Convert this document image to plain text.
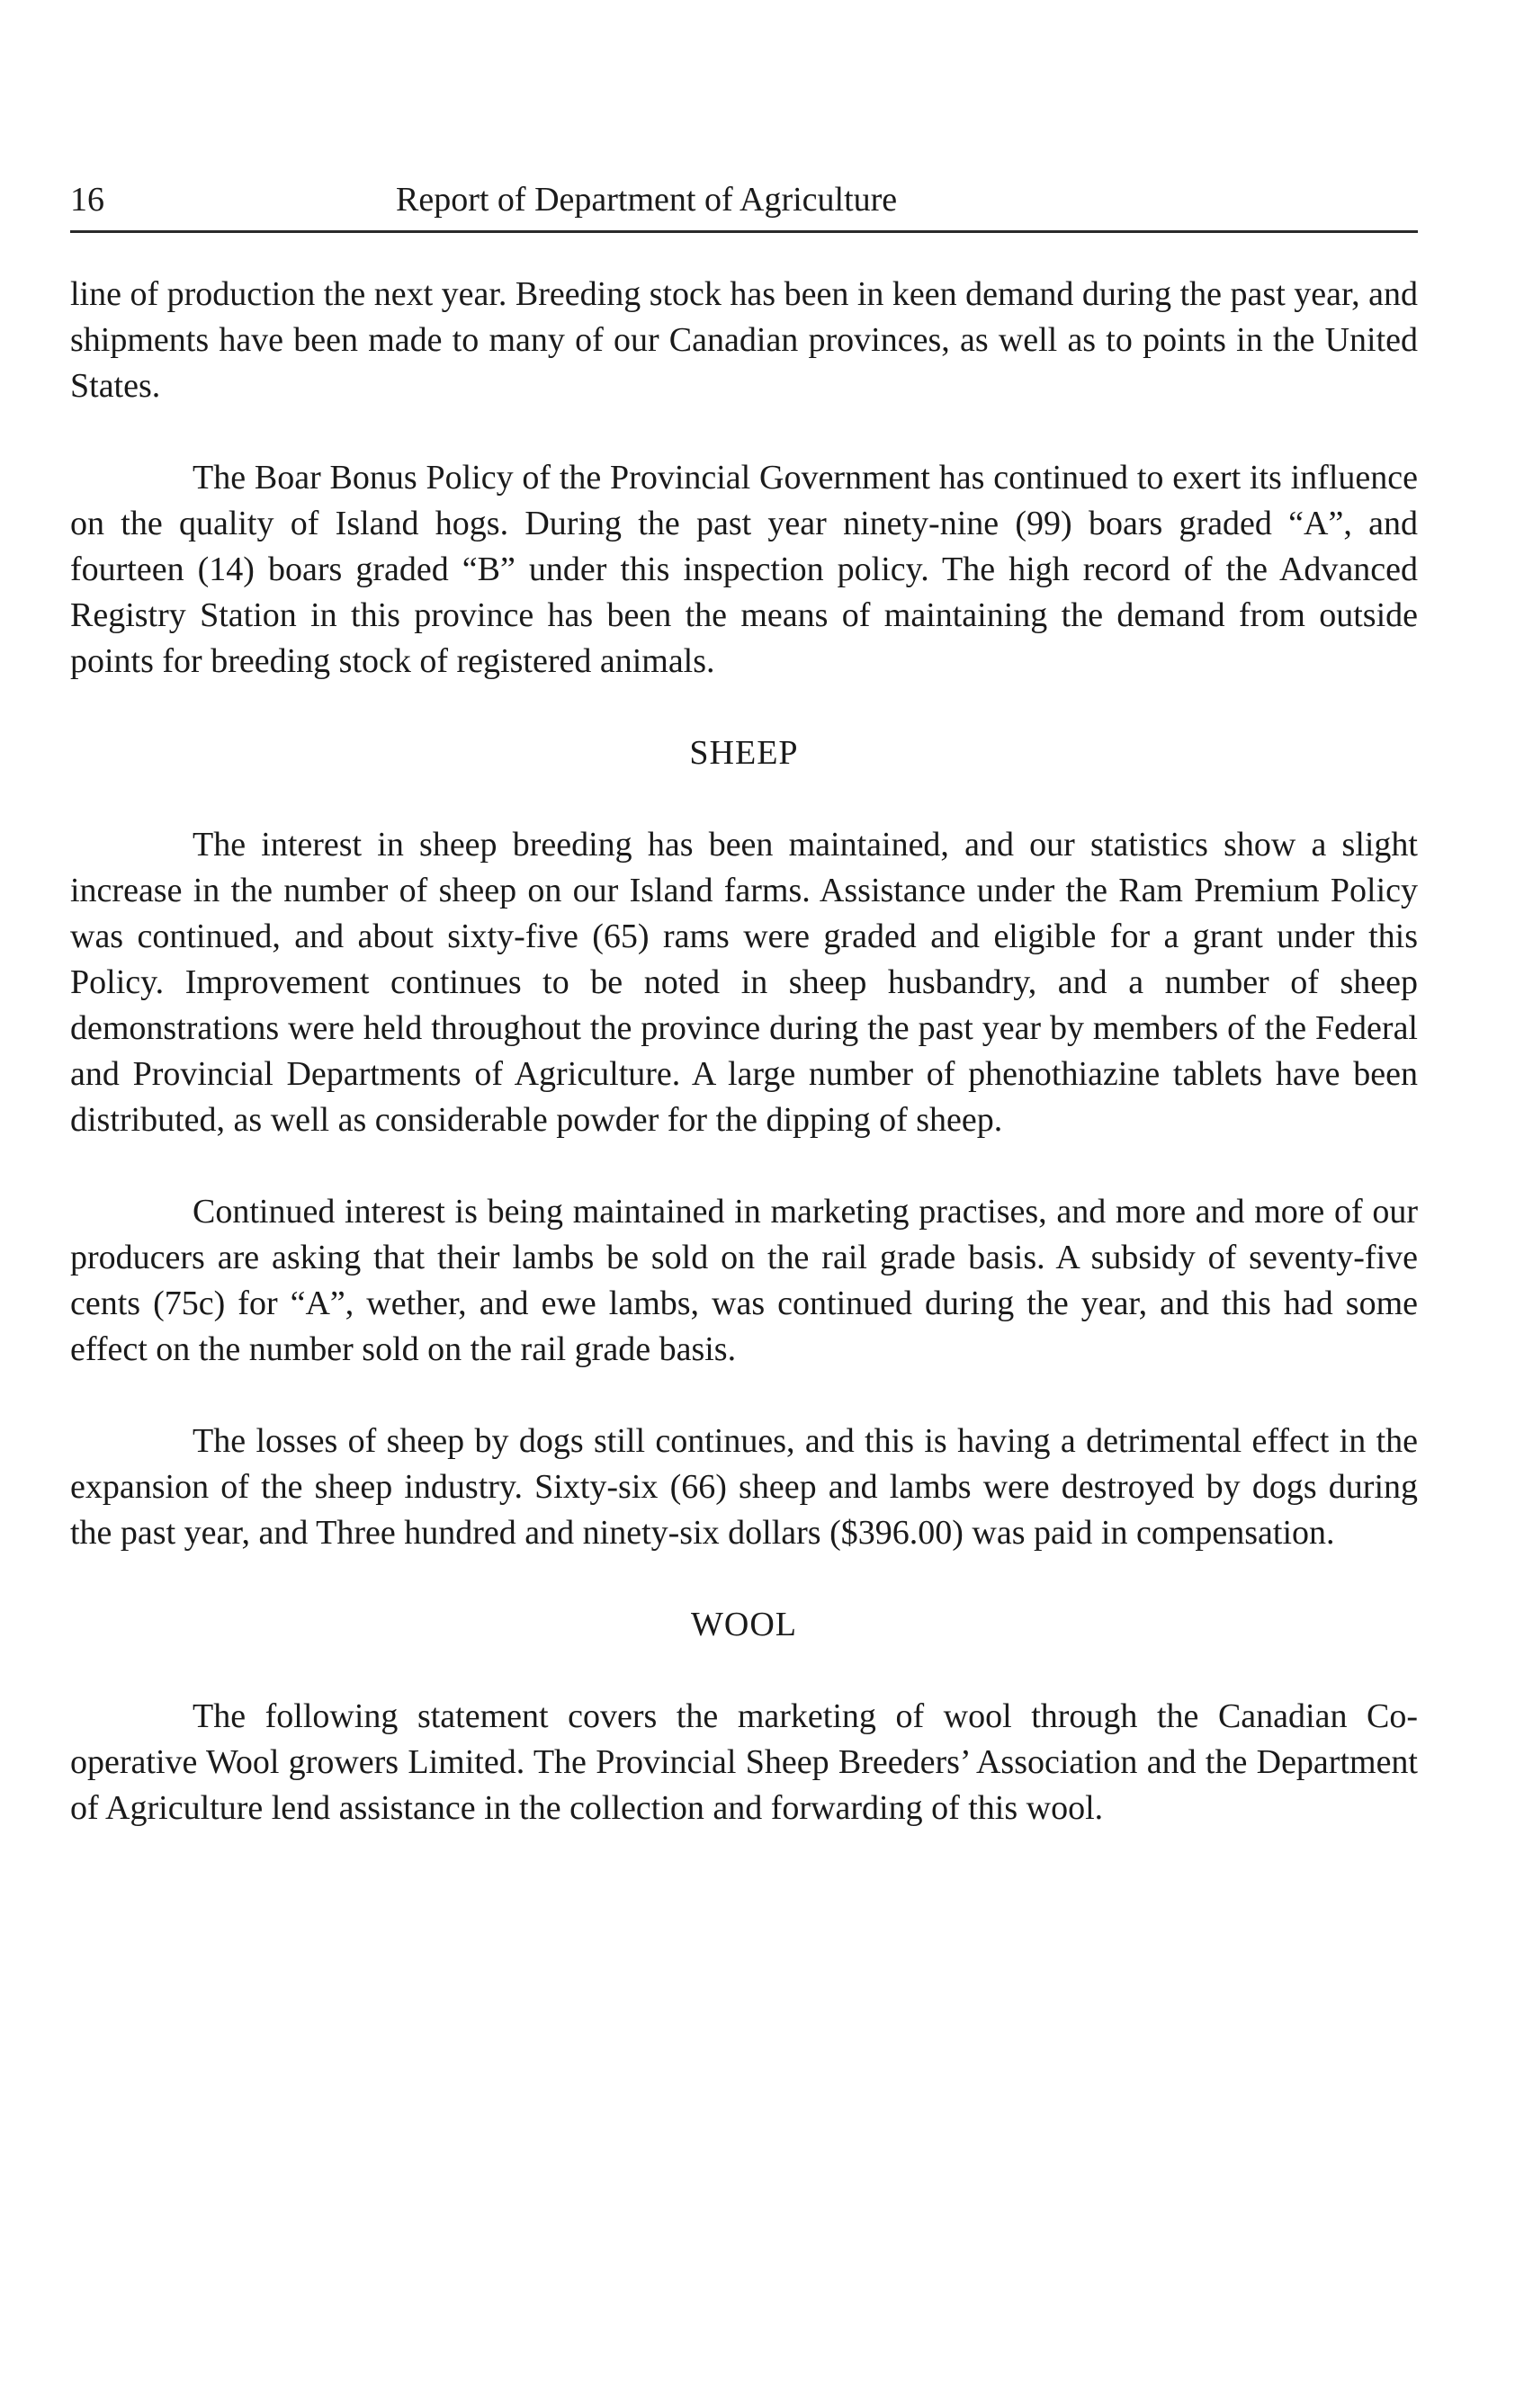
16	Report of Department of Agriculture

line of production the next year. Breeding stock has been in keen demand during the past year, and shipments have been made to many of our Canadian provinces, as well as to points in the United States.

The Boar Bonus Policy of the Provincial Government has continued to exert its influence on the quality of Island hogs. During the past year ninety-nine (99) boars graded “A”, and fourteen (14) boars graded “B” under this inspection policy. The high record of the Advanced Registry Station in this province has been the means of maintaining the demand from outside points for breeding stock of registered animals.

SHEEP

The interest in sheep breeding has been maintained, and our statistics show a slight increase in the number of sheep on our Island farms. Assistance under the Ram Premium Policy was continued, and about sixty-five (65) rams were graded and eligible for a grant under this Policy. Improvement continues to be noted in sheep husbandry, and a number of sheep demonstrations were held throughout the province during the past year by members of the Federal and Provincial Departments of Agriculture. A large number of phenothiazine tablets have been distributed, as well as considerable powder for the dipping of sheep.

Continued interest is being maintained in marketing practises, and more and more of our producers are asking that their lambs be sold on the rail grade basis. A subsidy of seventy-five cents (75c) for “A”, wether, and ewe lambs, was continued during the year, and this had some effect on the number sold on the rail grade basis.

The losses of sheep by dogs still continues, and this is having a detrimental effect in the expansion of the sheep industry. Sixty-six (66) sheep and lambs were destroyed by dogs during the past year, and Three hundred and ninety-six dollars ($396.00) was paid in compensation.

WOOL

The following statement covers the marketing of wool through the Canadian Co-operative Wool growers Limited. The Provincial Sheep Breeders’ Association and the Department of Agriculture lend assistance in the collection and forwarding of this wool.
